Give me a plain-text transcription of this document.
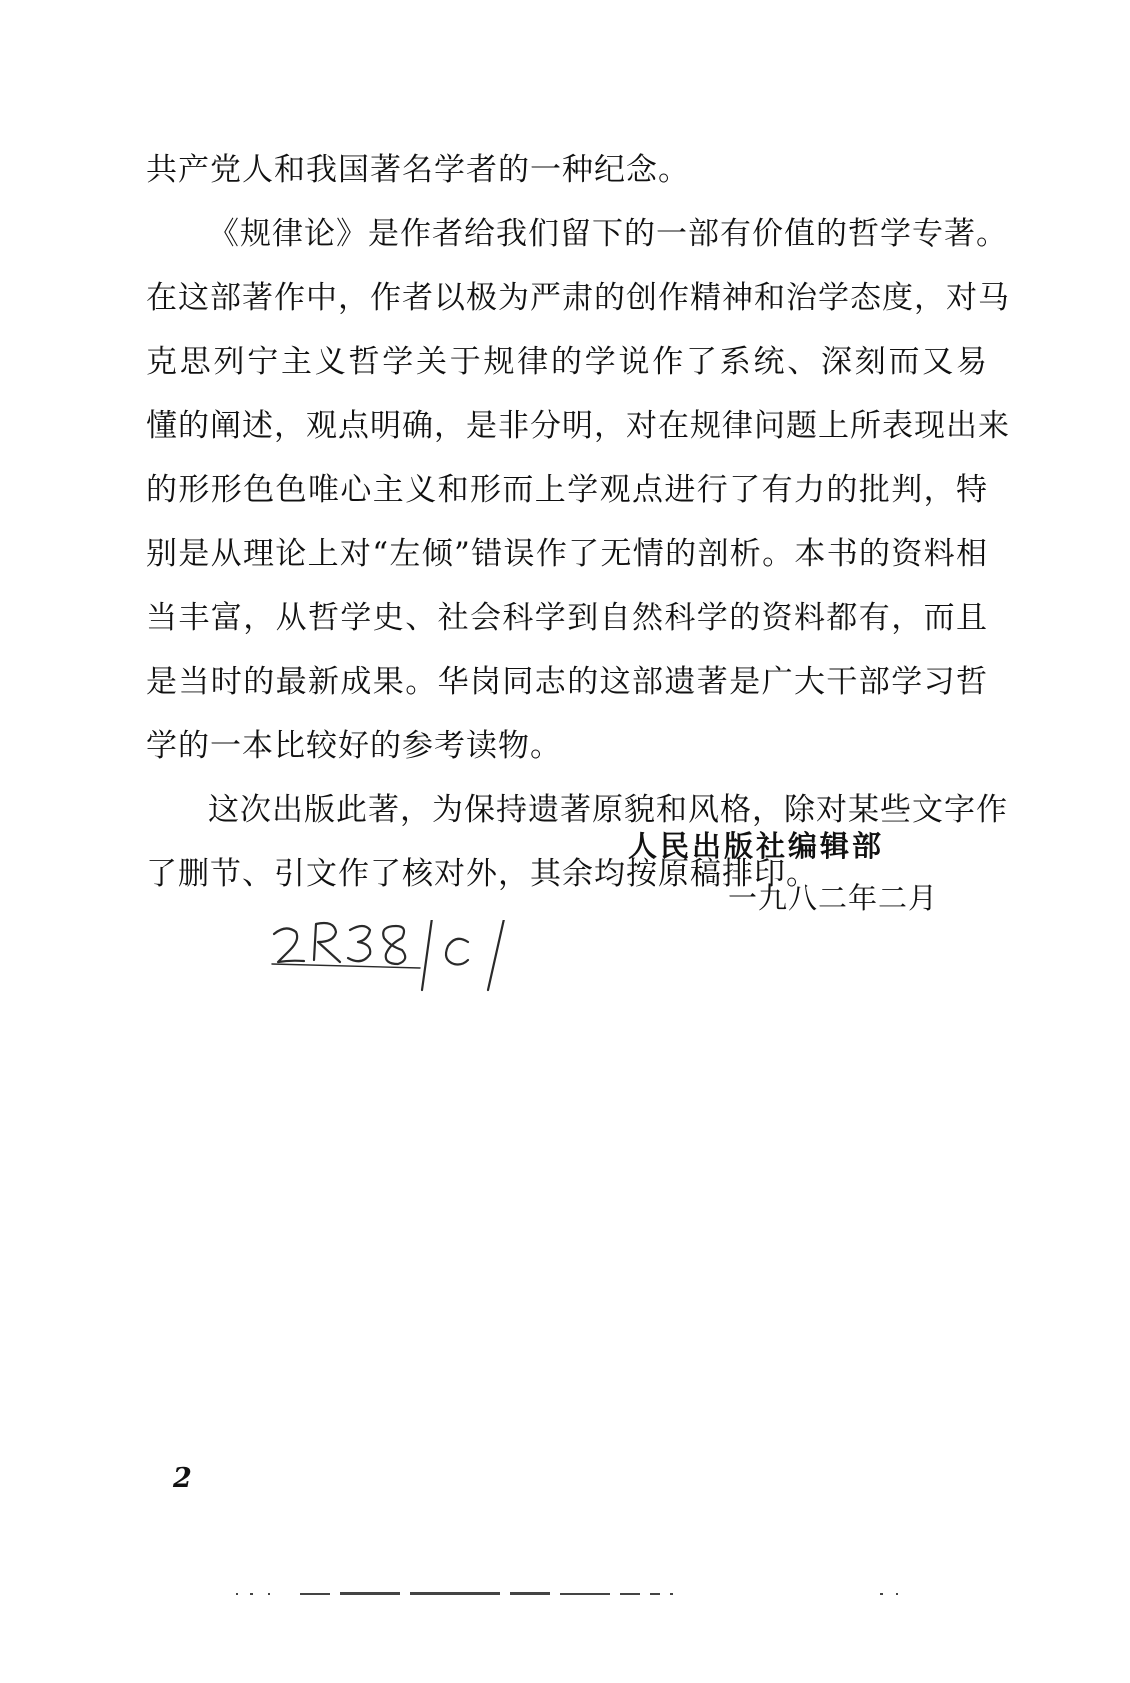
共产党人和我国著名学者的一种纪念。
《规律论》是作者给我们留下的一部有价值的哲学专著。
在这部著作中，作者以极为严肃的创作精神和治学态度，对马
克思列宁主义哲学关于规律的学说作了系统、深刻而又易
懂的阐述，观点明确，是非分明，对在规律问题上所表现出来
的形形色色唯心主义和形而上学观点进行了有力的批判，特
别是从理论上对“左倾”错误作了无情的剖析。本书的资料相
当丰富，从哲学史、社会科学到自然科学的资料都有，而且
是当时的最新成果。华岗同志的这部遗著是广大干部学习哲
学的一本比较好的参考读物。
这次出版此著，为保持遗著原貌和风格，除对某些文字作
了删节、引文作了核对外，其余均按原稿排印。
人民出版社编辑部
一九八二年二月
2
